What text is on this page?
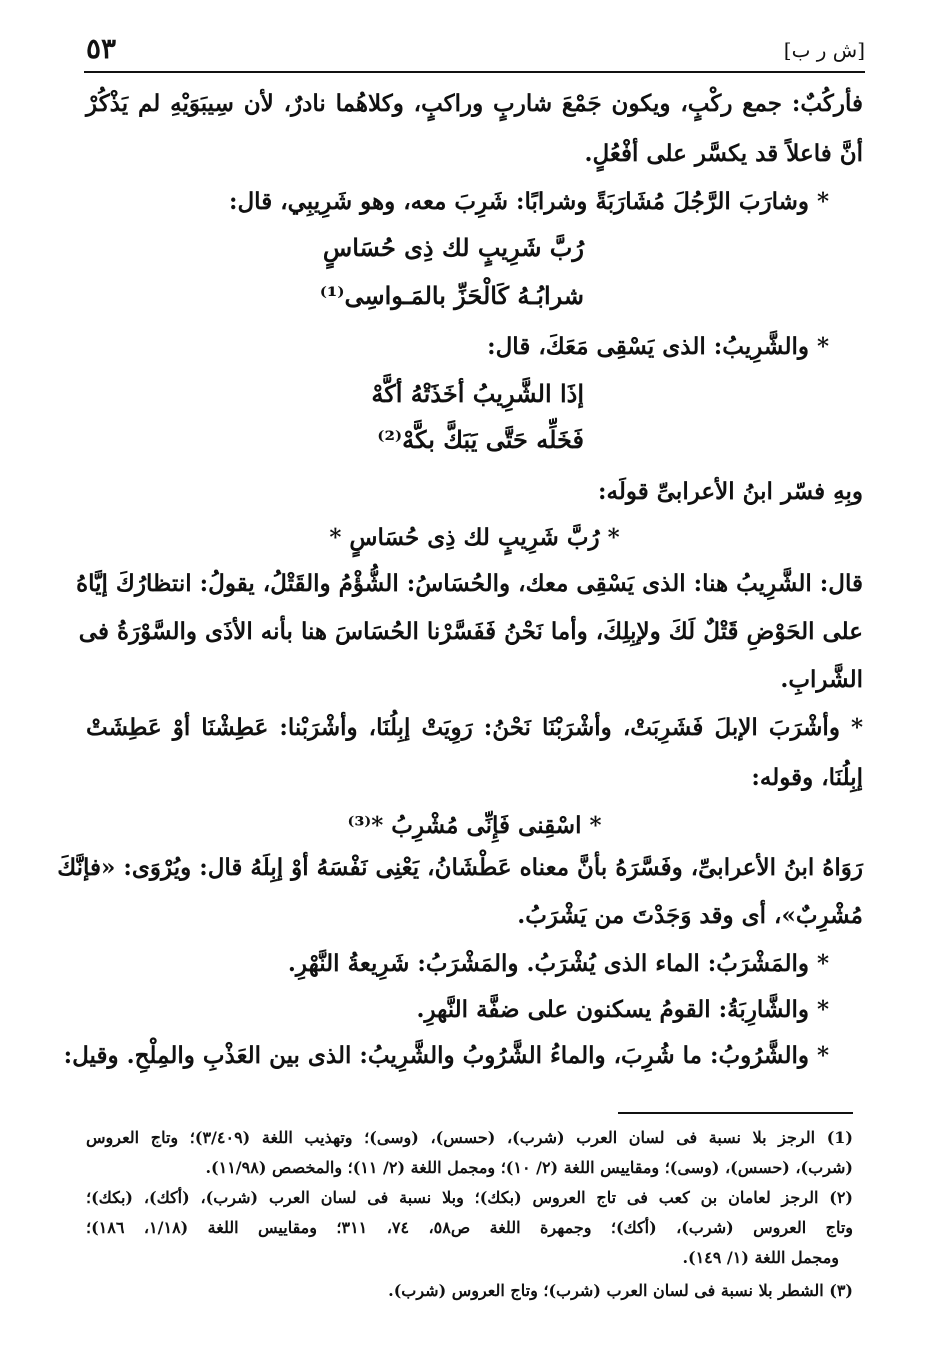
٥٣	[ش ر ب]
فأركُبٌ: جمع ركْبٍ، ويكون جَمْعَ شاربٍ وراكبٍ، وكلاهُما نادرٌ، لأن سِيبَوَيْهِ لم يَذْكُرْ
أنَّ فاعلاً قد يكسَّر على أفْعُلٍ.
* وشارَبَ الرَّجُلَ مُشَارَبَةً وشرابًا: شَرِبَ معه، وهو شَرِيبِي، قال:
رُبَّ شَرِيبٍ لك ذِى حُسَاسٍ
شرابُـهُ كَالْحَزِّ بالمَـواسِى⁽¹⁾
* والشَّرِيبُ: الذى يَسْقِى مَعَكَ، قال:
إذَا الشَّرِيبُ أخَذَتْهُ أكَّهْ
فَخَلِّه حَتَّى يَبَكَّ بكَّهْ⁽²⁾
وبِهِ فسّر ابنُ الأعرابىِّ قولَه:
* رُبَّ شَرِيبٍ لك ذِى حُسَاسٍ *
قال: الشَّرِيبُ هنا: الذى يَسْقِى معك، والحُسَاسُ: الشُّؤْمُ والقَتْلُ، يقولُ: انتظارُكَ إيَّاهُ
على الحَوْضِ قَتْلٌ لَكَ ولإبِلِكَ، وأما نَحْنُ فَفَسَّرْنا الحُسَاسَ هنا بأنه الأذَى والسَّوْرَةُ فى
الشَّرابِ.
* وأشْرَبَ الإبلَ فَشَرِبَتْ، وأشْرَبْنَا نَحْنُ: رَوِيَتْ إبِلُنَا، وأشْرَبْنا: عَطِشْنَا أوْ عَطِشَتْ
إبِلُنَا، وقوله:
* اسْقِنى فَإِنِّى مُشْرِبُ *⁽³⁾
رَوَاهُ ابنُ الأعرابىِّ، وفَسَّرَهُ بأنَّ معناه عَطْشَانُ، يَعْنِى نَفْسَهُ أوْ إبِلَهُ قال: ويُرْوَى: «فإنَّكَ
مُشْرِبٌ»، أى وقد وَجَدْتَ من يَشْرَبُ.
* والمَشْرَبُ: الماء الذى يُشْرَبُ. والمَشْرَبُ: شَرِيعةُ النَّهْرِ.
* والشَّارِبَةُ: القومُ يسكنون على ضفَّة النَّهرِ.
* والشَّرُوبُ: ما شُرِبَ، والماءُ الشَّرُوبُ والشَّرِيبُ: الذى بين العَذْبِ والمِلْحِ. وقيل:
(1) الرجز بلا نسبة فى لسان العرب (شرب)، (حسس)، (وسى)؛ وتهذيب اللغة (٣/٤٠٩)؛ وتاج العروس
(شرب)، (حسس)، (وسى)؛ ومقاييس اللغة (٢/ ١٠)؛ ومجمل اللغة (٢/ ١١)؛ والمخصص (١١/٩٨).
(٢) الرجز لعامان بن كعب فى تاج العروس (بكك)؛ وبلا نسبة فى لسان العرب (شرب)، (أكك)، (بكك)؛
وتاج العروس (شرب)، (أكك)؛ وجمهرة اللغة ص٥٨، ٧٤، ٣١١؛ ومقاييس اللغة (١/١٨، ١٨٦)؛
ومجمل اللغة (١/ ١٤٩).
(٣) الشطر بلا نسبة فى لسان العرب (شرب)؛ وتاج العروس (شرب).
